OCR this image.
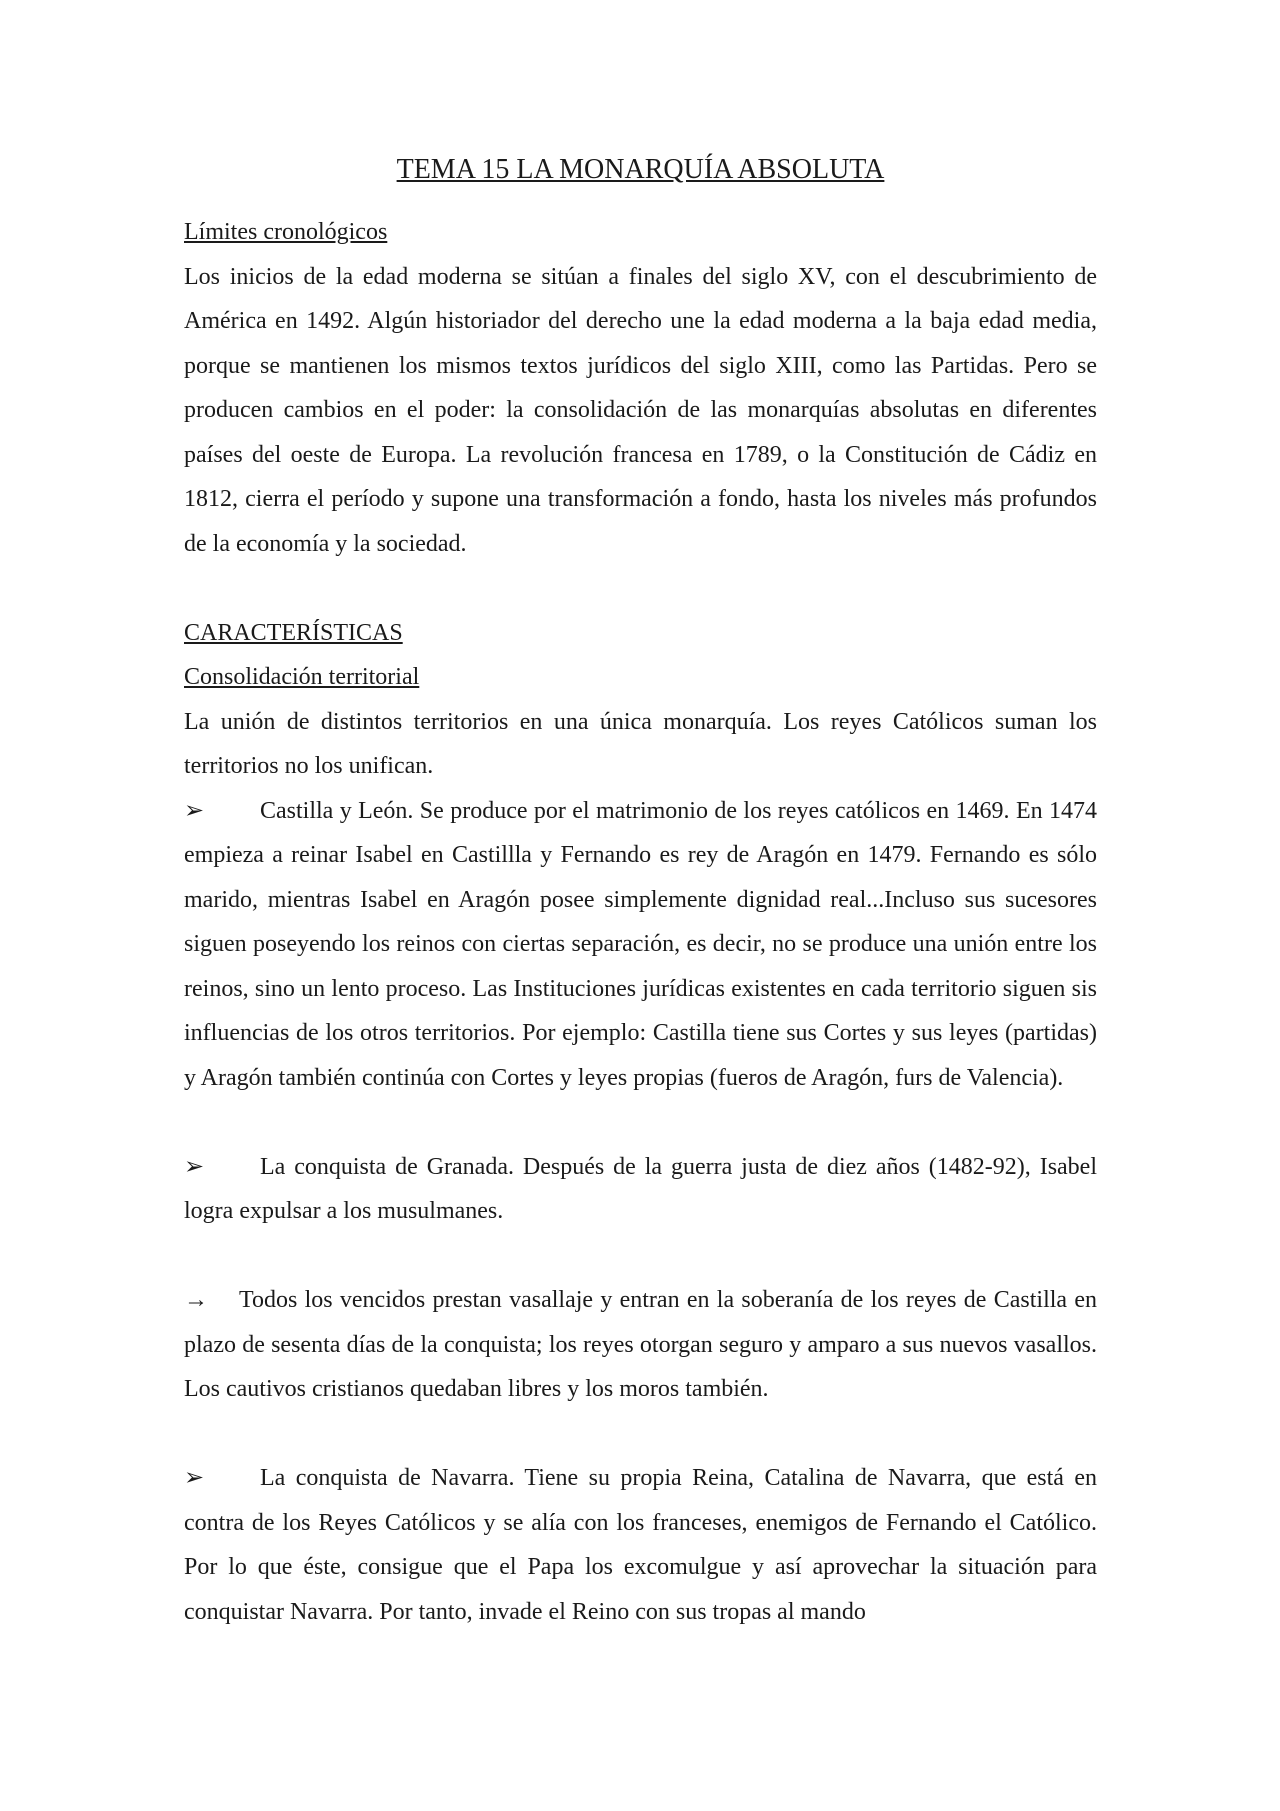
TEMA 15 LA MONARQUÍA ABSOLUTA
Límites cronológicos

Los inicios de la edad moderna se sitúan a finales del siglo XV, con el descubrimiento de América en 1492. Algún historiador del derecho une la edad moderna a la baja edad media, porque se mantienen los mismos textos jurídicos del siglo XIII, como las Partidas. Pero se producen cambios en el poder: la consolidación de las monarquías absolutas en diferentes países del oeste de Europa. La revolución francesa en 1789, o la Constitución de Cádiz en 1812, cierra el período y supone una transformación a fondo, hasta los niveles más profundos de la economía y la sociedad.

CARACTERÍSTICAS
Consolidación territorial

La unión de distintos territorios en una única monarquía. Los reyes Católicos suman los territorios no los unifican.

➢ Castilla y León. Se produce por el matrimonio de los reyes católicos en 1469. En 1474 empieza a reinar Isabel en Castillla y Fernando es rey de Aragón en 1479. Fernando es sólo marido, mientras Isabel en Aragón posee simplemente dignidad real...Incluso sus sucesores siguen poseyendo los reinos con ciertas separación, es decir, no se produce una unión entre los reinos, sino un lento proceso. Las Instituciones jurídicas existentes en cada territorio siguen sis influencias de los otros territorios. Por ejemplo: Castilla tiene sus Cortes y sus leyes (partidas) y Aragón también continúa con Cortes y leyes propias (fueros de Aragón, furs de Valencia).

➢ La conquista de Granada. Después de la guerra justa de diez años (1482-92), Isabel logra expulsar a los musulmanes.

→ Todos los vencidos prestan vasallaje y entran en la soberanía de los reyes de Castilla en plazo de sesenta días de la conquista; los reyes otorgan seguro y amparo a sus nuevos vasallos. Los cautivos cristianos quedaban libres y los moros también.

➢ La conquista de Navarra. Tiene su propia Reina, Catalina de Navarra, que está en contra de los Reyes Católicos y se alía con los franceses, enemigos de Fernando el Católico. Por lo que éste, consigue que el Papa los excomulgue y así aprovechar la situación para conquistar Navarra. Por tanto, invade el Reino con sus tropas al mando
